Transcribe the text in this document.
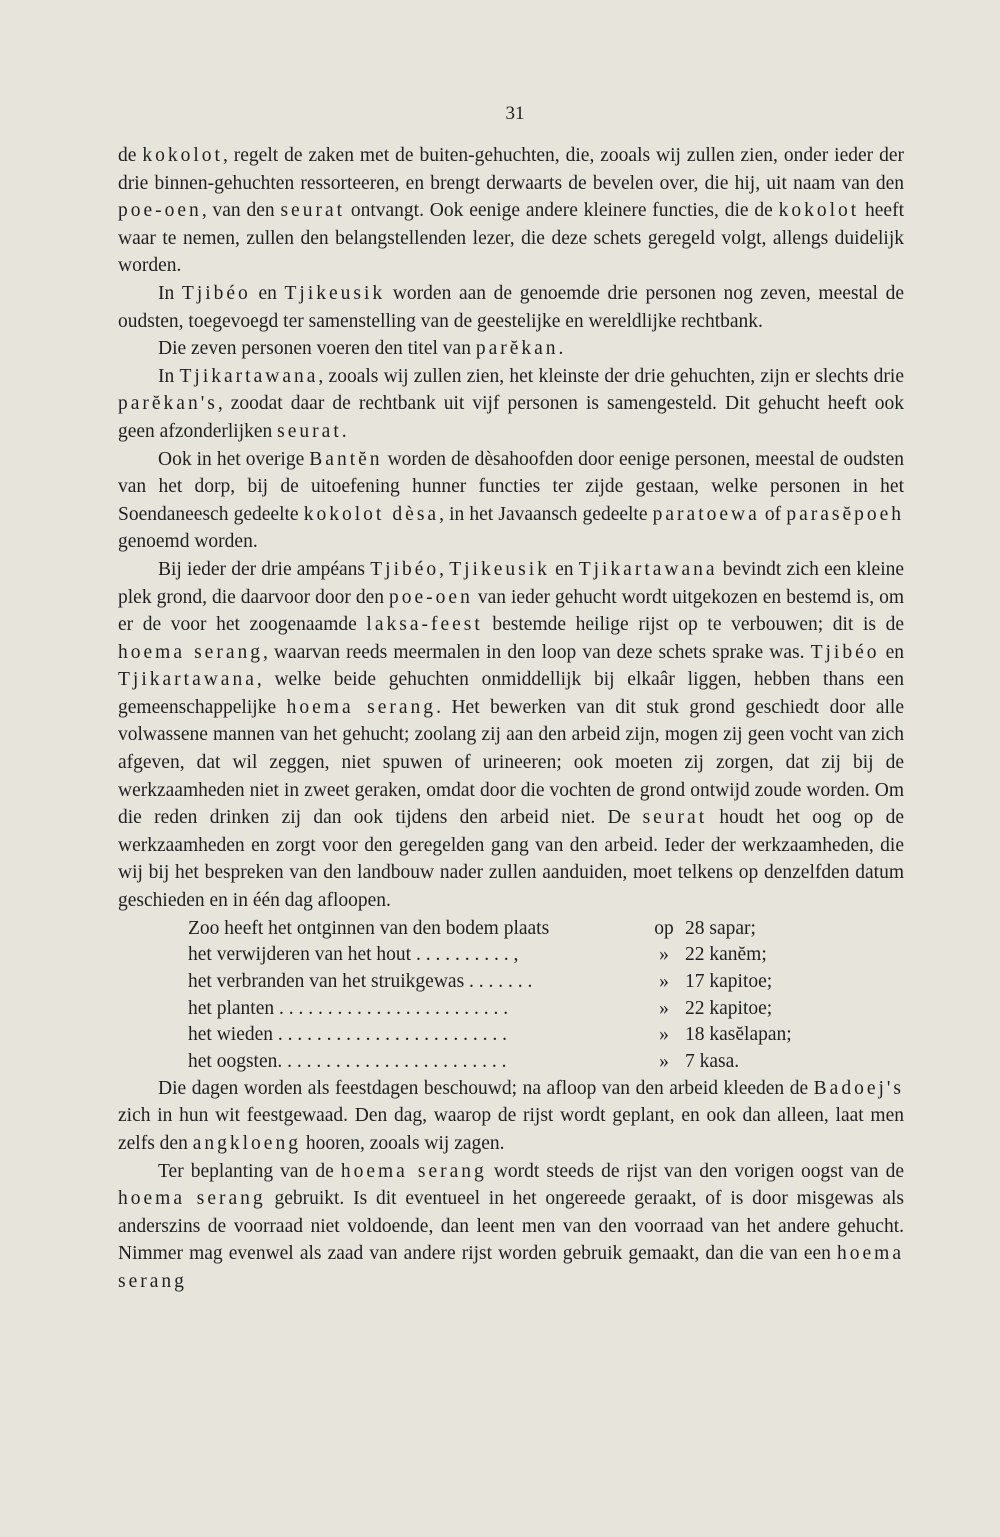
31

de kokolot, regelt de zaken met de buiten-gehuchten, die, zooals wij zullen zien, onder ieder der drie binnen-gehuchten ressorteeren, en brengt derwaarts de bevelen over, die hij, uit naam van den poe-oen, van den seurat ontvangt. Ook eenige andere kleinere functies, die de kokolot heeft waar te nemen, zullen den belangstellenden lezer, die deze schets geregeld volgt, allengs duidelijk worden.

In Tjibéo en Tjikeusik worden aan de genoemde drie personen nog zeven, meestal de oudsten, toegevoegd ter samenstelling van de geestelijke en wereldlijke rechtbank.

Die zeven personen voeren den titel van parĕkan.

In Tjikartawana, zooals wij zullen zien, het kleinste der drie gehuchten, zijn er slechts drie parĕkan's, zoodat daar de rechtbank uit vijf personen is samengesteld. Dit gehucht heeft ook geen afzonderlijken seurat.

Ook in het overige Bantĕn worden de dèsahoofden door eenige personen, meestal de oudsten van het dorp, bij de uitoefening hunner functies ter zijde gestaan, welke personen in het Soendaneesch gedeelte kokolot dèsa, in het Javaansch gedeelte paratoewa of parasĕpoeh genoemd worden.

Bij ieder der drie ampéans Tjibéo, Tjikeusik en Tjikartawana bevindt zich een kleine plek grond, die daarvoor door den poe-oen van ieder gehucht wordt uitgekozen en bestemd is, om er de voor het zoogenaamde laksa-feest bestemde heilige rijst op te verbouwen; dit is de hoema serang, waarvan reeds meermalen in den loop van deze schets sprake was. Tjibéo en Tjikartawana, welke beide gehuchten onmiddellijk bij elkaâr liggen, hebben thans een gemeenschappelijke hoema serang. Het bewerken van dit stuk grond geschiedt door alle volwassene mannen van het gehucht; zoolang zij aan den arbeid zijn, mogen zij geen vocht van zich afgeven, dat wil zeggen, niet spuwen of urineeren; ook moeten zij zorgen, dat zij bij de werkzaamheden niet in zweet geraken, omdat door die vochten de grond ontwijd zoude worden. Om die reden drinken zij dan ook tijdens den arbeid niet. De seurat houdt het oog op de werkzaamheden en zorgt voor den geregelden gang van den arbeid. Ieder der werkzaamheden, die wij bij het bespreken van den landbouw nader zullen aanduiden, moet telkens op denzelfden datum geschieden en in één dag afloopen.

Zoo heeft het ontginnen van den bodem plaats	op 28 sapar;
het verwijderen van het hout . . . . . . . . . . ,	» 22 kanĕm;
het verbranden van het struikgewas . . . . . . .	» 17 kapitoe;
het planten . . . . . . . . . . . . . . . . . . . . . . . .	» 22 kapitoe;
het wieden . . . . . . . . . . . . . . . . . . . . . . . .	» 18 kasĕlapan;
het oogsten. . . . . . . . . . . . . . . . . . . . . . . .	» 7 kasa.

Die dagen worden als feestdagen beschouwd; na afloop van den arbeid kleeden de Badoej's zich in hun wit feestgewaad. Den dag, waarop de rijst wordt geplant, en ook dan alleen, laat men zelfs den angkloeng hooren, zooals wij zagen.

Ter beplanting van de hoema serang wordt steeds de rijst van den vorigen oogst van de hoema serang gebruikt. Is dit eventueel in het ongereede geraakt, of is door misgewas als anderszins de voorraad niet voldoende, dan leent men van den voorraad van het andere gehucht. Nimmer mag evenwel als zaad van andere rijst worden gebruik gemaakt, dan die van een hoema serang
